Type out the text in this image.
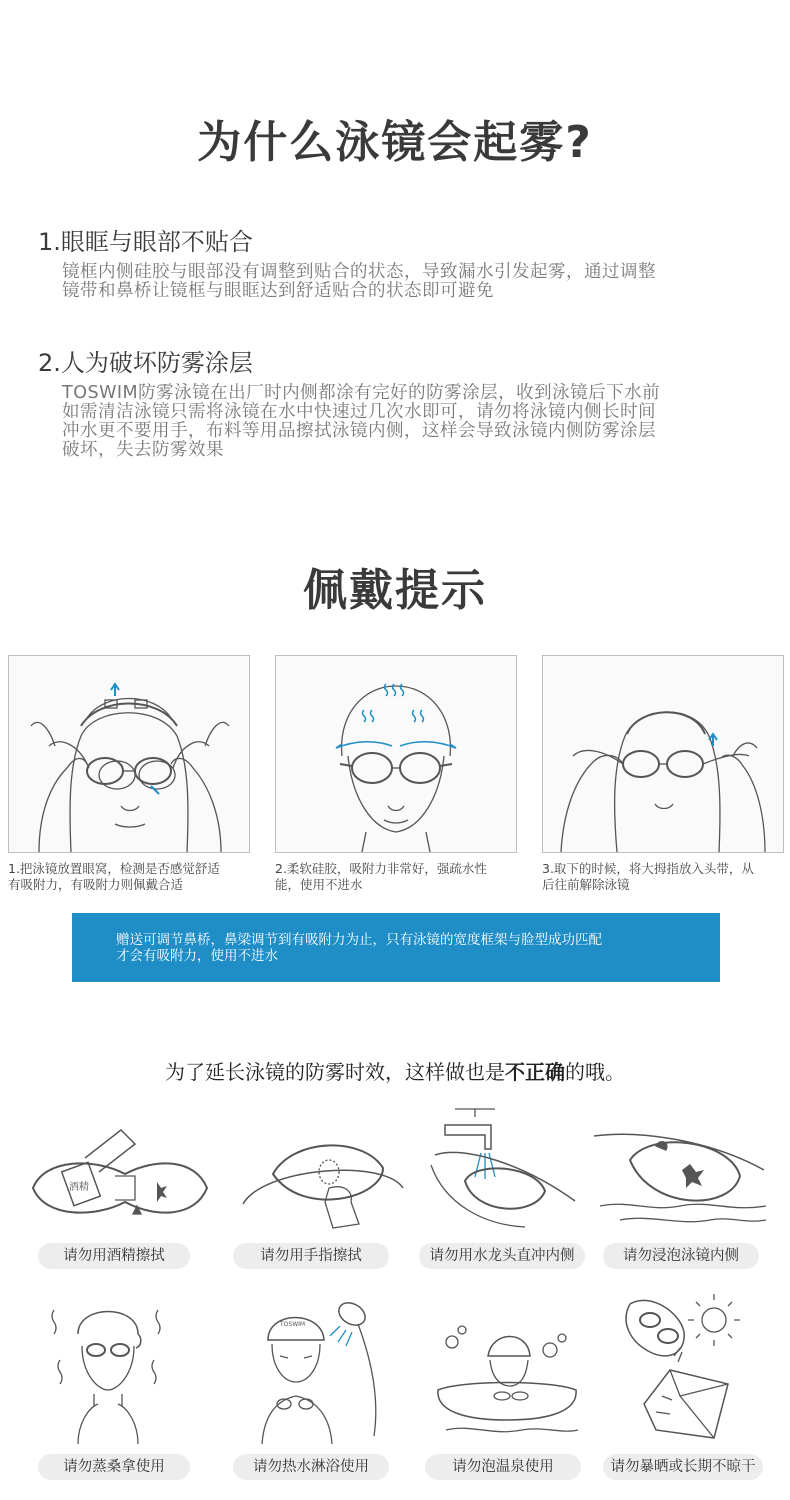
为什么泳镜会起雾?
1.眼眶与眼部不贴合
镜框内侧硅胶与眼部没有调整到贴合的状态，导致漏水引发起雾，通过调整
镜带和鼻桥让镜框与眼眶达到舒适贴合的状态即可避免
2.人为破坏防雾涂层
TOSWIM防雾泳镜在出厂时内侧都涂有完好的防雾涂层，收到泳镜后下水前
如需清洁泳镜只需将泳镜在水中快速过几次水即可，请勿将泳镜内侧长时间
冲水更不要用手，布料等用品擦拭泳镜内侧，这样会导致泳镜内侧防雾涂层
破坏，失去防雾效果
佩戴提示
1.把泳镜放置眼窝，检测是否感觉舒适
有吸附力，有吸附力则佩戴合适
2.柔软硅胶，吸附力非常好，强疏水性
能，使用不进水
3.取下的时候，将大拇指放入头带，从
后往前解除泳镜
赠送可调节鼻桥，鼻梁调节到有吸附力为止，只有泳镜的宽度框架与脸型成功匹配
才会有吸附力，使用不进水
为了延长泳镜的防雾时效，这样做也是不正确的哦。
酒精
请勿用酒精擦拭	请勿用手指擦拭	请勿用水龙头直冲内侧	请勿浸泡泳镜内侧
TOSWIM
请勿蒸桑拿使用	请勿热水淋浴使用	请勿泡温泉使用	请勿暴晒或长期不晾干
